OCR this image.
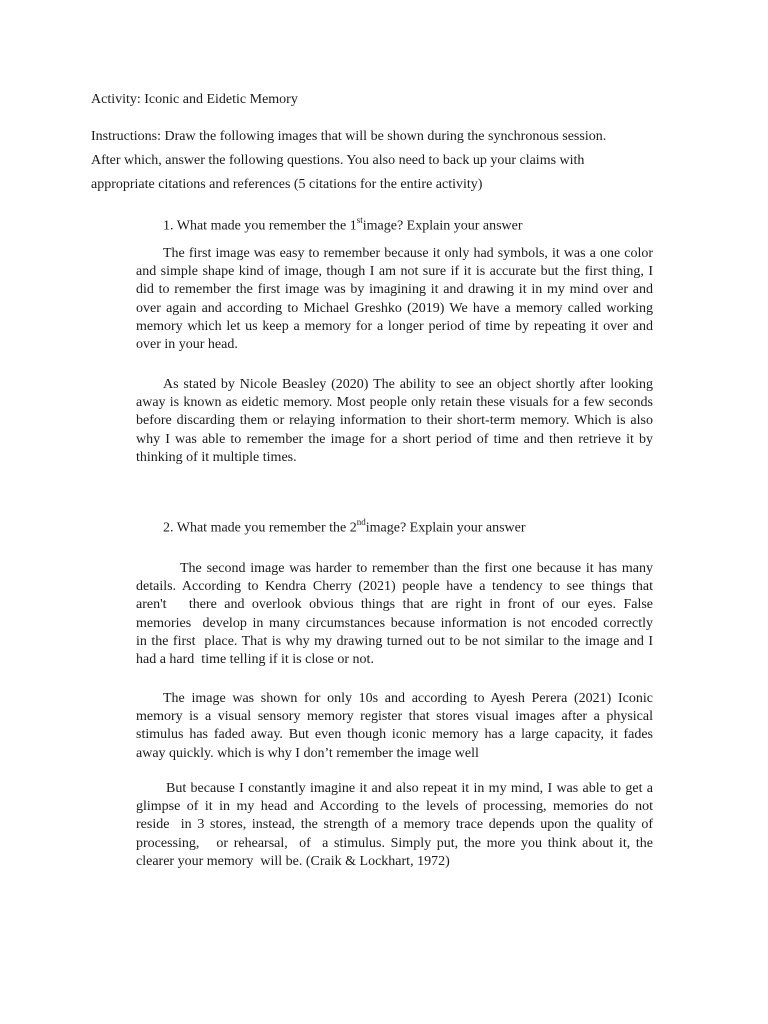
Activity: Iconic and Eidetic Memory
Instructions: Draw the following images that will be shown during the synchronous session.
After which, answer the following questions. You also need to back up your claims with
appropriate citations and references (5 citations for the entire activity)
1. What made you remember the 1stimage? Explain your answer
The first image was easy to remember because it only had symbols, it was a one color
and simple shape kind of image, though I am not sure if it is accurate but the first thing, I
did to remember the first image was by imagining it and drawing it in my mind over and
over again and according to Michael Greshko (2019) We have a memory called working
memory which let us keep a memory for a longer period of time by repeating it over and
over in your head.
As stated by Nicole Beasley (2020) The ability to see an object shortly after looking
away is known as eidetic memory. Most people only retain these visuals for a few seconds
before discarding them or relaying information to their short-term memory. Which is also
why I was able to remember the image for a short period of time and then retrieve it by
thinking of it multiple times.
2. What made you remember the 2ndimage? Explain your answer
The second image was harder to remember than the first one because it has many
details. According to Kendra Cherry (2021) people have a tendency to see things that
aren't   there and overlook obvious things that are right in front of our eyes. False
memories  develop in many circumstances because information is not encoded correctly
in the first  place. That is why my drawing turned out to be not similar to the image and I
had a hard  time telling if it is close or not.
The image was shown for only 10s and according to Ayesh Perera (2021) Iconic
memory is a visual sensory memory register that stores visual images after a physical
stimulus has faded away. But even though iconic memory has a large capacity, it fades
away quickly. which is why I don’t remember the image well
But because I constantly imagine it and also repeat it in my mind, I was able to get a
glimpse of it in my head and According to the levels of processing, memories do not
reside  in 3 stores, instead, the strength of a memory trace depends upon the quality of
processing,   or rehearsal,  of  a stimulus. Simply put, the more you think about it, the
clearer your memory  will be. (Craik & Lockhart, 1972)
